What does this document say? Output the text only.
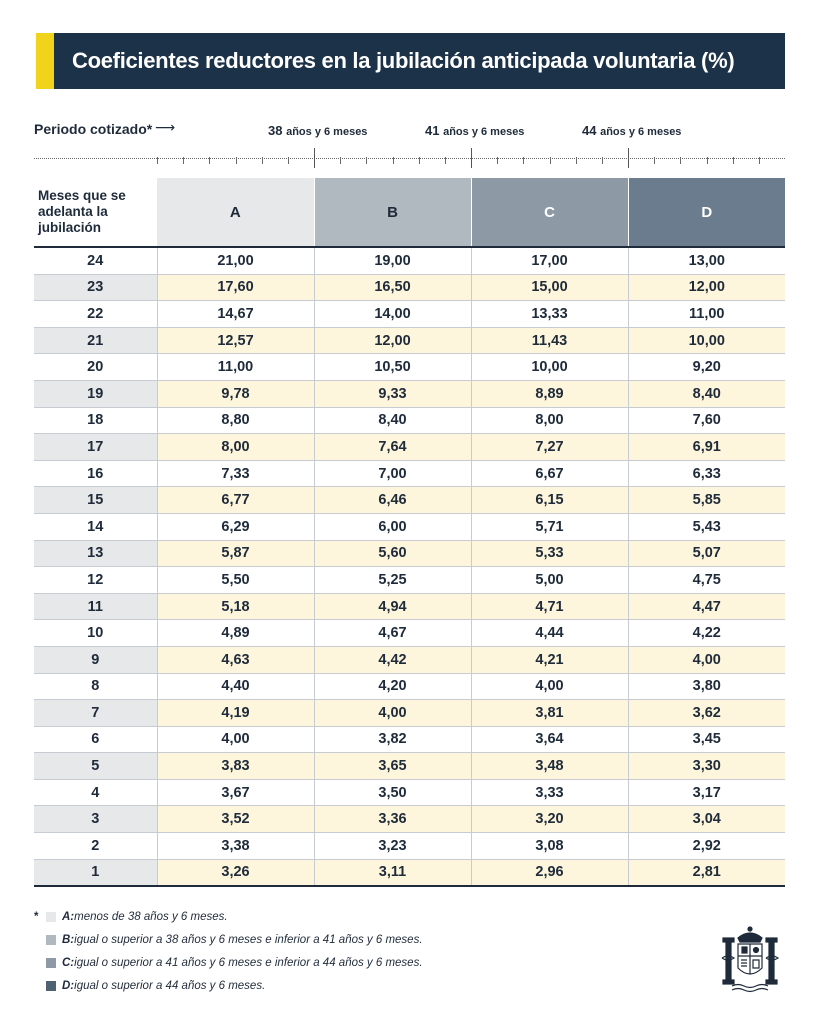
Coeficientes reductores en la jubilación anticipada voluntaria (%)
Periodo cotizado* ⟶	38 años y 6 meses	41 años y 6 meses	44 años y 6 meses
Meses que se adelanta la jubilación	A	B	C	D
24	21,00	19,00	17,00	13,00
23	17,60	16,50	15,00	12,00
22	14,67	14,00	13,33	11,00
21	12,57	12,00	11,43	10,00
20	11,00	10,50	10,00	9,20
19	9,78	9,33	8,89	8,40
18	8,80	8,40	8,00	7,60
17	8,00	7,64	7,27	6,91
16	7,33	7,00	6,67	6,33
15	6,77	6,46	6,15	5,85
14	6,29	6,00	5,71	5,43
13	5,87	5,60	5,33	5,07
12	5,50	5,25	5,00	4,75
11	5,18	4,94	4,71	4,47
10	4,89	4,67	4,44	4,22
9	4,63	4,42	4,21	4,00
8	4,40	4,20	4,00	3,80
7	4,19	4,00	3,81	3,62
6	4,00	3,82	3,64	3,45
5	3,83	3,65	3,48	3,30
4	3,67	3,50	3,33	3,17
3	3,52	3,36	3,20	3,04
2	3,38	3,23	3,08	2,92
1	3,26	3,11	2,96	2,81
*	A: menos de 38 años y 6 meses.
B: igual o superior a 38 años y 6 meses e inferior a 41 años y 6 meses.
C: igual o superior a 41 años y 6 meses e inferior a 44 años y 6 meses.
D: igual o superior a 44 años y 6 meses.
